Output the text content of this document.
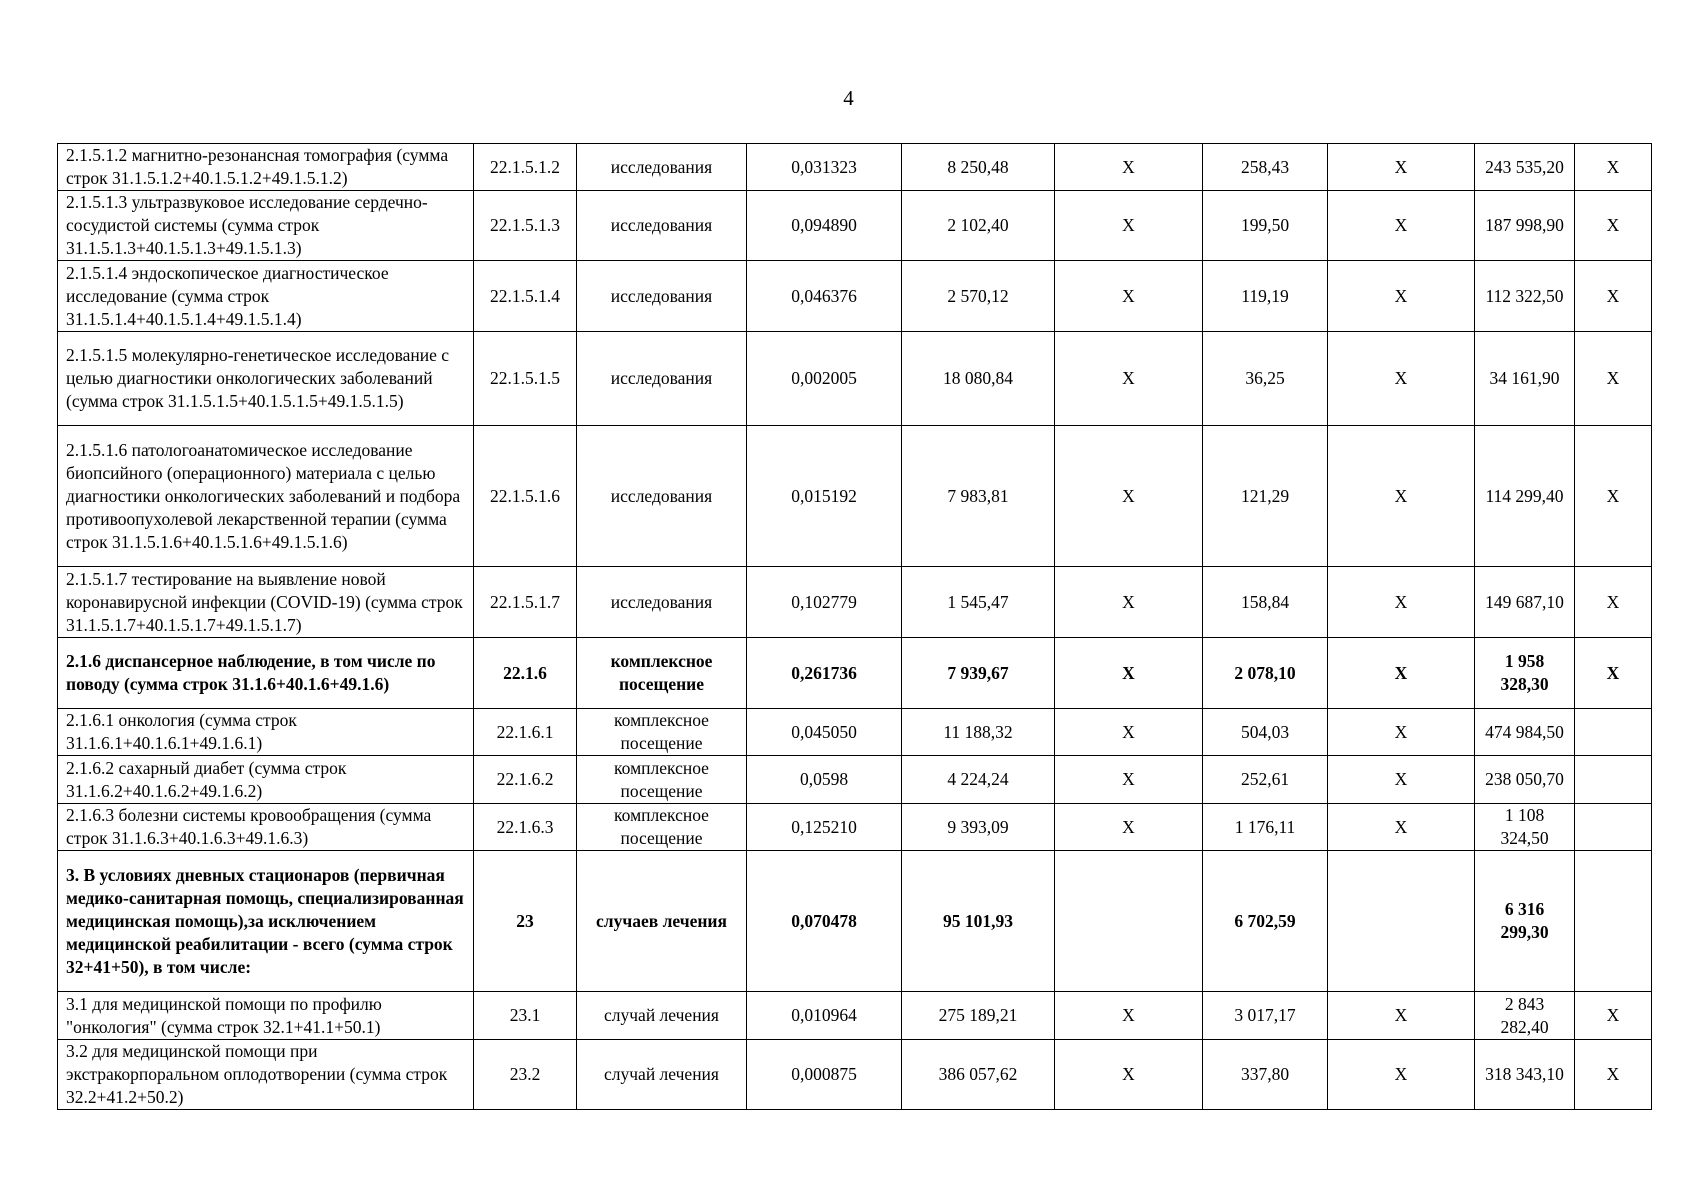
4
2.1.5.1.2 магнитно-резонансная томография (сумма строк 31.1.5.1.2+40.1.5.1.2+49.1.5.1.2)	22.1.5.1.2	исследования	0,031323	8 250,48	X	258,43	X	243 535,20	X
2.1.5.1.3 ультразвуковое исследование сердечно-сосудистой системы (сумма строк 31.1.5.1.3+40.1.5.1.3+49.1.5.1.3)	22.1.5.1.3	исследования	0,094890	2 102,40	X	199,50	X	187 998,90	X
2.1.5.1.4 эндоскопическое диагностическое исследование (сумма строк 31.1.5.1.4+40.1.5.1.4+49.1.5.1.4)	22.1.5.1.4	исследования	0,046376	2 570,12	X	119,19	X	112 322,50	X
2.1.5.1.5 молекулярно-генетическое исследование с целью диагностики онкологических заболеваний (сумма строк 31.1.5.1.5+40.1.5.1.5+49.1.5.1.5)	22.1.5.1.5	исследования	0,002005	18 080,84	X	36,25	X	34 161,90	X
2.1.5.1.6 патологоанатомическое исследование биопсийного (операционного) материала с целью диагностики онкологических заболеваний и подбора противоопухолевой лекарственной терапии (сумма строк 31.1.5.1.6+40.1.5.1.6+49.1.5.1.6)	22.1.5.1.6	исследования	0,015192	7 983,81	X	121,29	X	114 299,40	X
2.1.5.1.7 тестирование на выявление новой коронавирусной инфекции (COVID-19) (сумма строк 31.1.5.1.7+40.1.5.1.7+49.1.5.1.7)	22.1.5.1.7	исследования	0,102779	1 545,47	X	158,84	X	149 687,10	X
2.1.6 диспансерное наблюдение, в том числе по поводу (сумма строк 31.1.6+40.1.6+49.1.6)	22.1.6	комплексное посещение	0,261736	7 939,67	X	2 078,10	X	1 958 328,30	X
2.1.6.1 онкология (сумма строк 31.1.6.1+40.1.6.1+49.1.6.1)	22.1.6.1	комплексное посещение	0,045050	11 188,32	X	504,03	X	474 984,50	
2.1.6.2 сахарный диабет (сумма строк 31.1.6.2+40.1.6.2+49.1.6.2)	22.1.6.2	комплексное посещение	0,0598	4 224,24	X	252,61	X	238 050,70	
2.1.6.3 болезни системы кровообращения (сумма строк 31.1.6.3+40.1.6.3+49.1.6.3)	22.1.6.3	комплексное посещение	0,125210	9 393,09	X	1 176,11	X	1 108 324,50	
3. В условиях дневных стационаров (первичная медико-санитарная помощь, специализированная медицинская помощь),за исключением медицинской реабилитации - всего (сумма строк 32+41+50), в том числе:	23	случаев лечения	0,070478	95 101,93		6 702,59		6 316 299,30	
3.1 для медицинской помощи по профилю "онкология" (сумма строк 32.1+41.1+50.1)	23.1	случай лечения	0,010964	275 189,21	X	3 017,17	X	2 843 282,40	X
3.2 для медицинской помощи при экстракорпоральном оплодотворении (сумма строк 32.2+41.2+50.2)	23.2	случай лечения	0,000875	386 057,62	X	337,80	X	318 343,10	X
